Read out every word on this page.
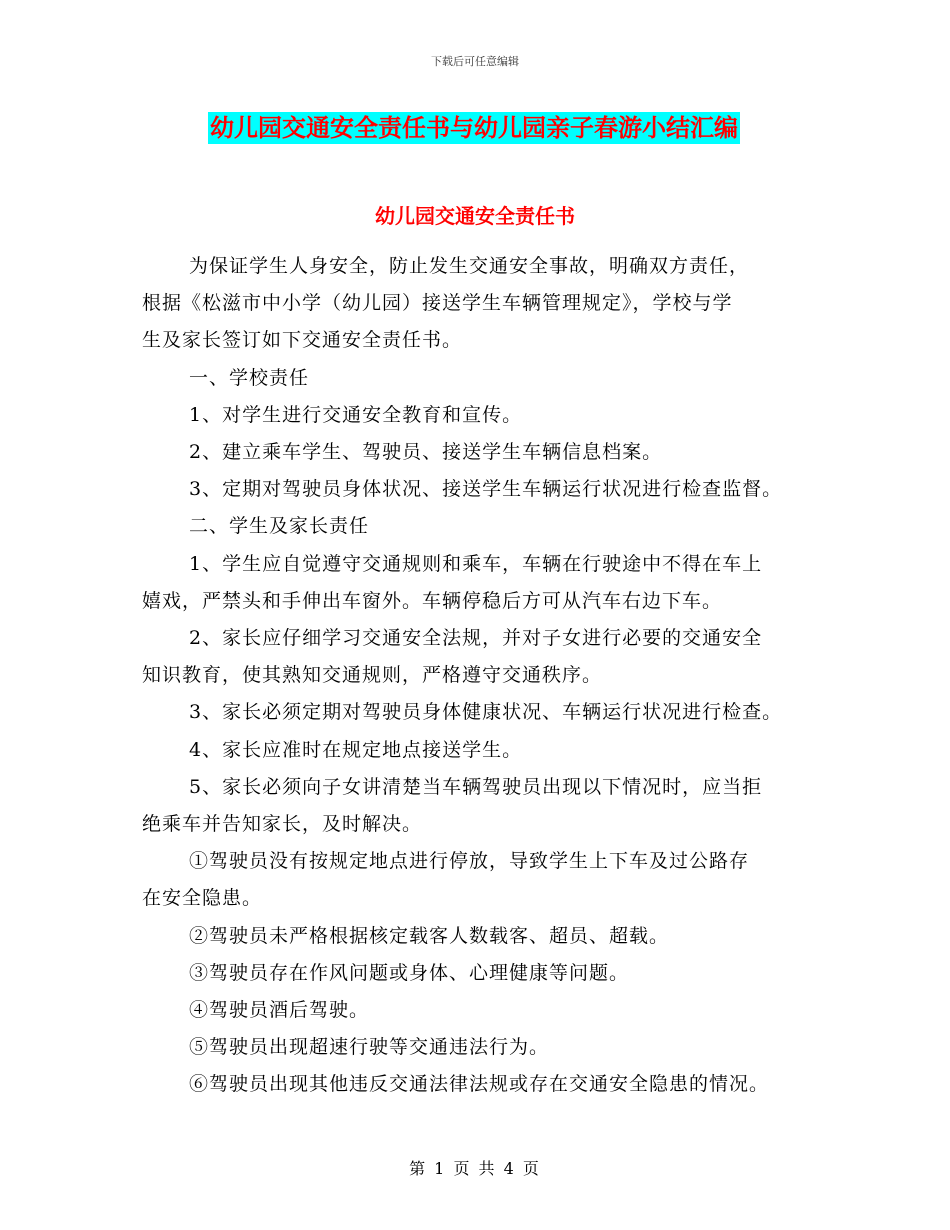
下载后可任意编辑
幼儿园交通安全责任书与幼儿园亲子春游小结汇编
幼儿园交通安全责任书
为保证学生人身安全，防止发生交通安全事故，明确双方责任，
根据《松滋市中小学（幼儿园）接送学生车辆管理规定》，学校与学
生及家长签订如下交通安全责任书。
一、学校责任
1、对学生进行交通安全教育和宣传。
2、建立乘车学生、驾驶员、接送学生车辆信息档案。
3、定期对驾驶员身体状况、接送学生车辆运行状况进行检查监督。
二、学生及家长责任
1、学生应自觉遵守交通规则和乘车，车辆在行驶途中不得在车上
嬉戏，严禁头和手伸出车窗外。车辆停稳后方可从汽车右边下车。
2、家长应仔细学习交通安全法规，并对子女进行必要的交通安全
知识教育，使其熟知交通规则，严格遵守交通秩序。
3、家长必须定期对驾驶员身体健康状况、车辆运行状况进行检查。
4、家长应准时在规定地点接送学生。
5、家长必须向子女讲清楚当车辆驾驶员出现以下情况时，应当拒
绝乘车并告知家长，及时解决。
①驾驶员没有按规定地点进行停放，导致学生上下车及过公路存
在安全隐患。
②驾驶员未严格根据核定载客人数载客、超员、超载。
③驾驶员存在作风问题或身体、心理健康等问题。
④驾驶员酒后驾驶。
⑤驾驶员出现超速行驶等交通违法行为。
⑥驾驶员出现其他违反交通法律法规或存在交通安全隐患的情况。
第 1 页 共 4 页
